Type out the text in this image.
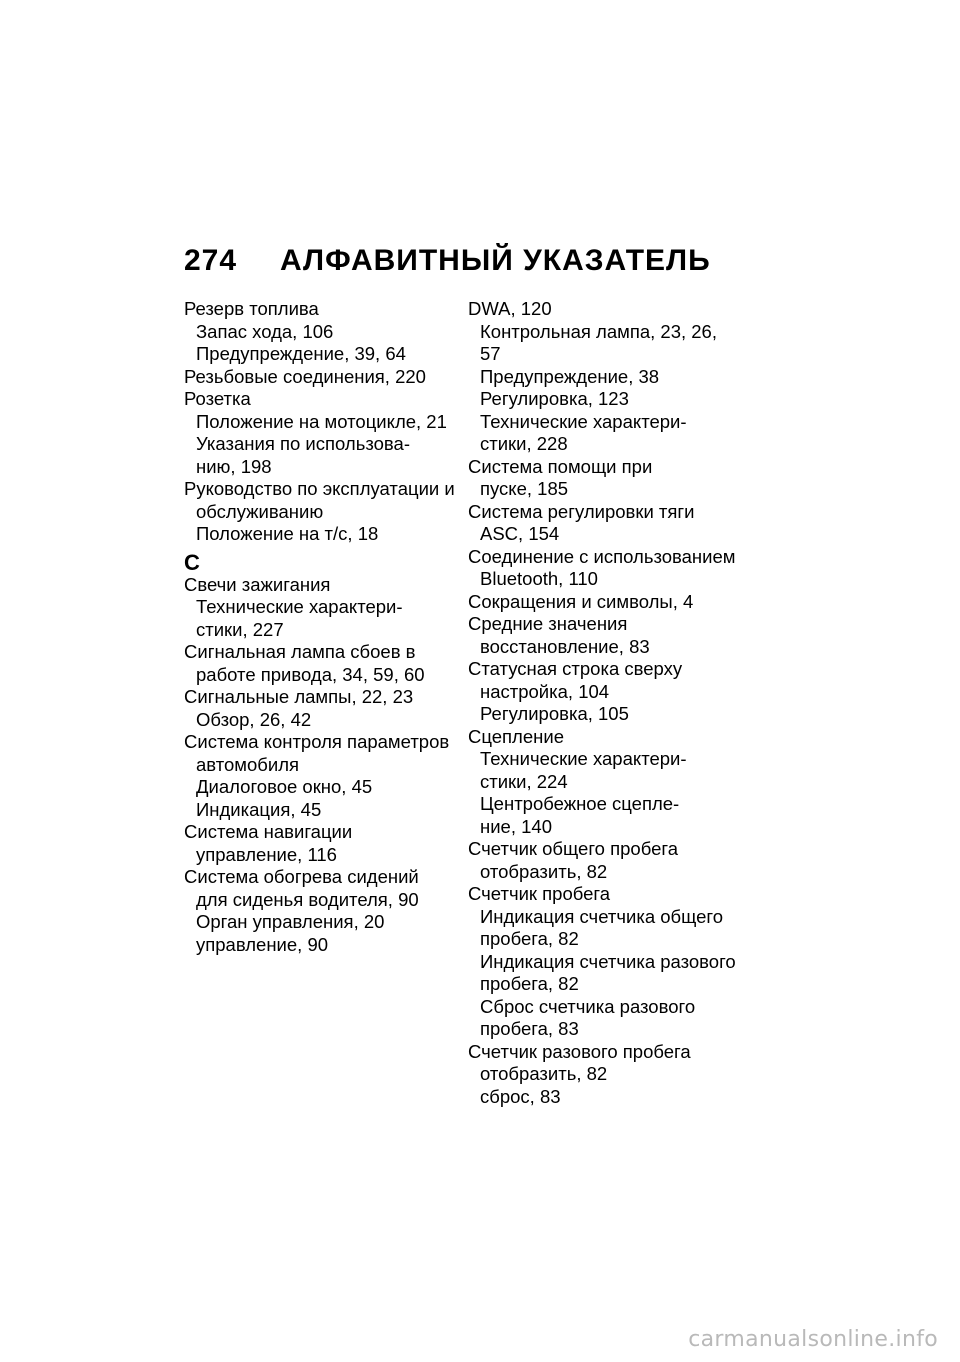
274 АЛФАВИТНЫЙ УКАЗАТЕЛЬ
Резерв топлива
Запас хода, 106
Предупреждение, 39, 64
Резьбовые соединения, 220
Розетка
Положение на мотоцикле, 21
Указания по использова-
нию, 198
Руководство по эксплуатации и
обслуживанию
Положение на т/с, 18
С
Свечи зажигания
Технические характери-
стики, 227
Сигнальная лампа сбоев в
работе привода, 34, 59, 60
Сигнальные лампы, 22, 23
Обзор, 26, 42
Система контроля параметров
автомобиля
Диалоговое окно, 45
Индикация, 45
Система навигации
управление, 116
Система обогрева сидений
для сиденья водителя, 90
Орган управления, 20
управление, 90
DWA, 120
Контрольная лампа, 23, 26,
57
Предупреждение, 38
Регулировка, 123
Технические характери-
стики, 228
Система помощи при
пуске, 185
Система регулировки тяги
ASC, 154
Соединение с использованием
Bluetooth, 110
Сокращения и символы, 4
Средние значения
восстановление, 83
Статусная строка сверху
настройка, 104
Регулировка, 105
Сцепление
Технические характери-
стики, 224
Центробежное сцепле-
ние, 140
Счетчик общего пробега
отобразить, 82
Счетчик пробега
Индикация счетчика общего
пробега, 82
Индикация счетчика разового
пробега, 82
Сброс счетчика разового
пробега, 83
Счетчик разового пробега
отобразить, 82
сброс, 83
carmanualsonline.info
